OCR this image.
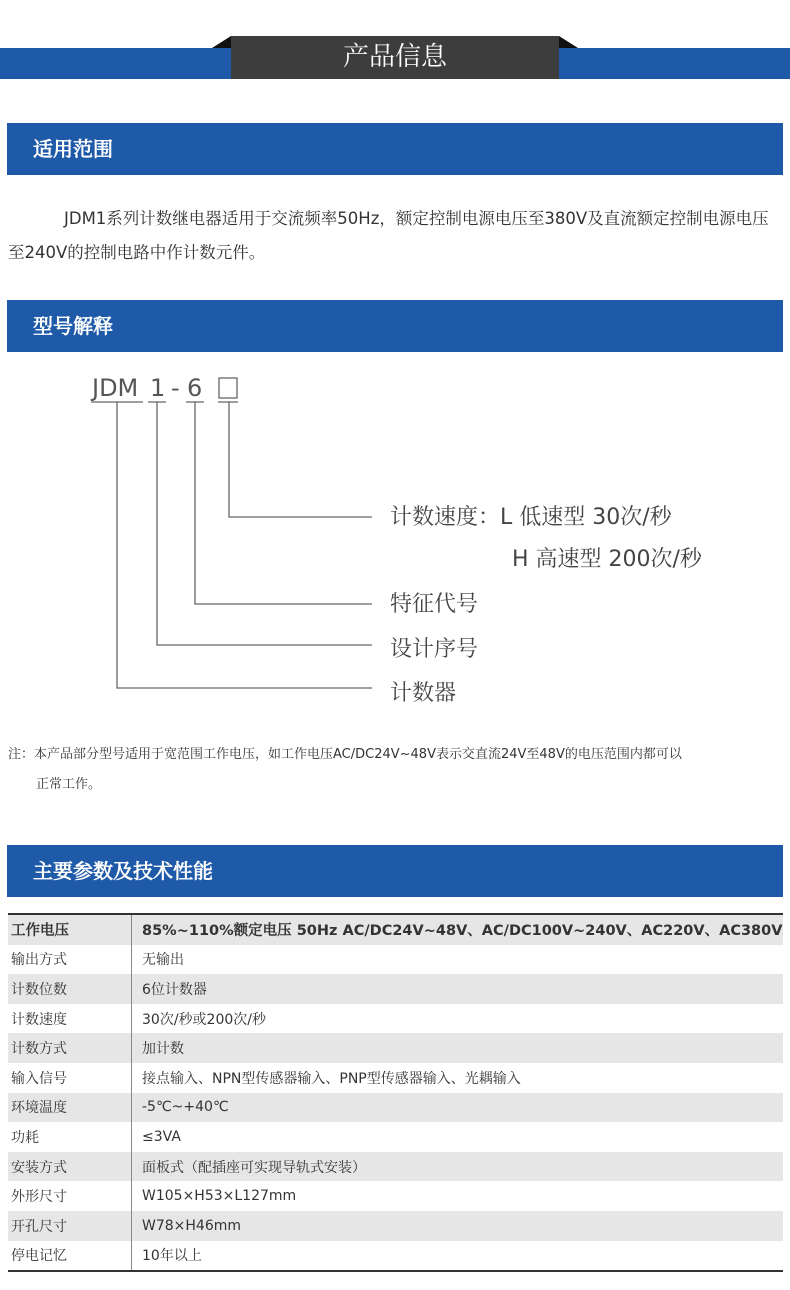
产品信息
适用范围
JDM1系列计数继电器适用于交流频率50Hz，额定控制电源电压至380V及直流额定控制电源电压至240V的控制电路中作计数元件。
型号解释
JDM 1 - 6
计数速度：L 低速型 30次/秒
H 高速型 200次/秒
特征代号
设计序号
计数器
注：本产品部分型号适用于宽范围工作电压，如工作电压AC/DC24V~48V表示交直流24V至48V的电压范围内都可以
正常工作。
主要参数及技术性能
工作电压	85%~110%额定电压 50Hz AC/DC24V~48V、AC/DC100V~240V、AC220V、AC380V
输出方式	无输出
计数位数	6位计数器
计数速度	30次/秒或200次/秒
计数方式	加计数
输入信号	接点输入、NPN型传感器输入、PNP型传感器输入、光耦输入
环境温度	-5℃~+40℃
功耗	≤3VA
安装方式	面板式（配插座可实现导轨式安装）
外形尺寸	W105×H53×L127mm
开孔尺寸	W78×H46mm
停电记忆	10年以上
